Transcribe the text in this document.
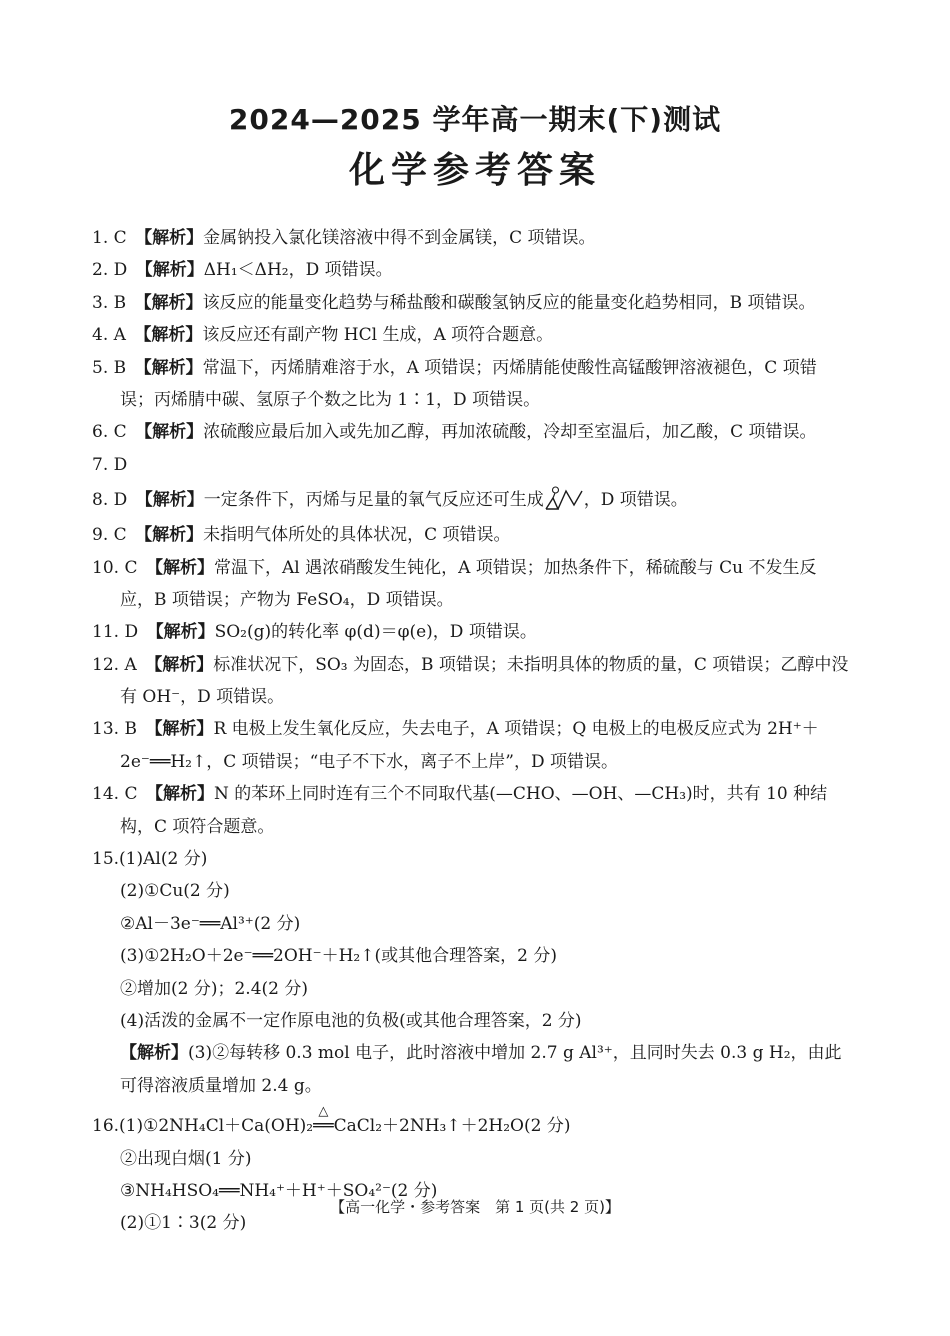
2024—2025 学年高一期末(下)测试
化学参考答案
1. C　 【解析】金属钠投入氯化镁溶液中得不到金属镁，C 项错误。
2. D　 【解析】ΔH₁＜ΔH₂，D 项错误。
3. B　 【解析】该反应的能量变化趋势与稀盐酸和碳酸氢钠反应的能量变化趋势相同，B 项错误。
4. A　 【解析】该反应还有副产物 HCl 生成，A 项符合题意。
5. B　 【解析】常温下，丙烯腈难溶于水，A 项错误；丙烯腈能使酸性高锰酸钾溶液褪色，C 项错
误；丙烯腈中碳、氢原子个数之比为 1∶1，D 项错误。
6. C　 【解析】浓硫酸应最后加入或先加乙醇，再加浓硫酸，冷却至室温后，加乙酸，C 项错误。
7. D
8. D　 【解析】一定条件下，丙烯与足量的氧气反应还可生成 ，D 项错误。
9. C　 【解析】未指明气体所处的具体状况，C 项错误。
10. C　 【解析】常温下，Al 遇浓硝酸发生钝化，A 项错误；加热条件下，稀硫酸与 Cu 不发生反
应，B 项错误；产物为 FeSO₄，D 项错误。
11. D　 【解析】SO₂(g)的转化率 φ(d)＝φ(e)，D 项错误。
12. A　 【解析】标准状况下，SO₃ 为固态，B 项错误；未指明具体的物质的量，C 项错误；乙醇中没
有 OH⁻，D 项错误。
13. B　 【解析】R 电极上发生氧化反应，失去电子，A 项错误；Q 电极上的电极反应式为 2H⁺＋
2e⁻══H₂↑，C 项错误；“电子不下水，离子不上岸”，D 项错误。
14. C　 【解析】N 的苯环上同时连有三个不同取代基(—CHO、—OH、—CH₃)时，共有 10 种结
构，C 项符合题意。
15.(1)Al(2 分)
(2)①Cu(2 分)
②Al－3e⁻══Al³⁺(2 分)
(3)①2H₂O＋2e⁻══2OH⁻＋H₂↑(或其他合理答案，2 分)
②增加(2 分)；2.4(2 分)
(4)活泼的金属不一定作原电池的负极(或其他合理答案，2 分)
【解析】(3)②每转移 0.3 mol 电子，此时溶液中增加 2.7 g Al³⁺，且同时失去 0.3 g H₂，由此
可得溶液质量增加 2.4 g。
16.(1)①2NH₄Cl＋Ca(OH)₂
△
══CaCl₂＋2NH₃↑＋2H₂O(2 分)
②出现白烟(1 分)
③NH₄HSO₄══NH₄⁺＋H⁺＋SO₄²⁻(2 分)
(2)①1∶3(2 分)
【高一化学・参考答案　第 1 页(共 2 页)】
